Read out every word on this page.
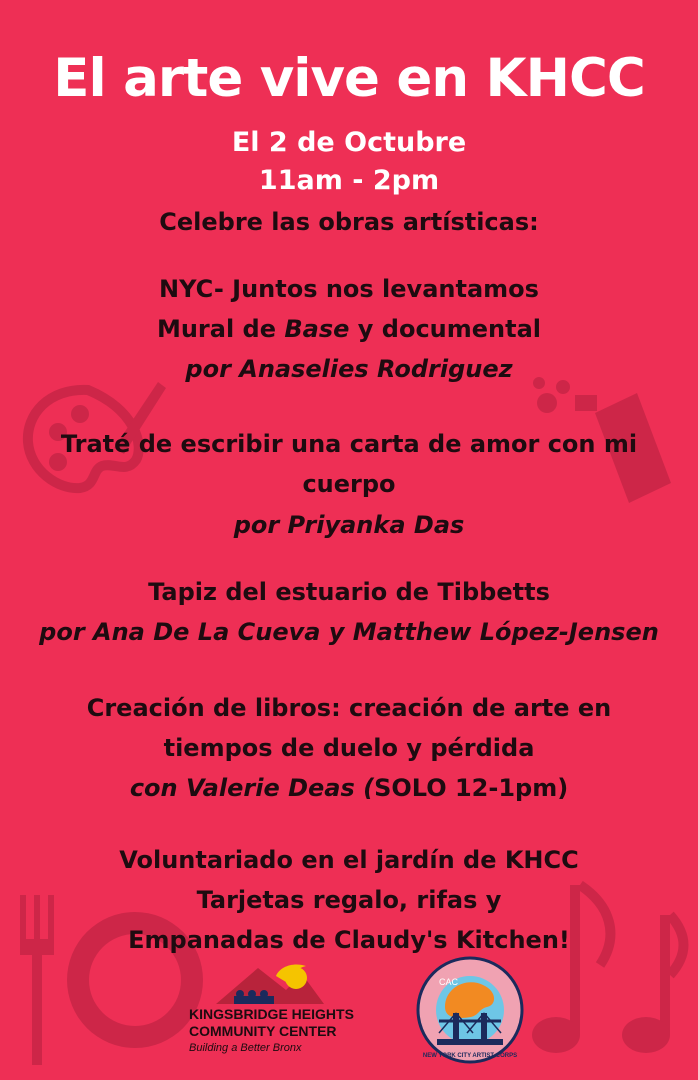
El arte vive en KHCC
El 2 de Octubre
11am - 2pm
Celebre las obras artísticas:
NYC- Juntos nos levantamos
Mural de Base y documental
por Anaselies Rodriguez
Traté de escribir una carta de amor con mi
cuerpo
por Priyanka Das
Tapiz del estuario de Tibbetts
por Ana De La Cueva y Matthew López-Jensen
Creación de libros: creación de arte en
tiempos de duelo y pérdida
con Valerie Deas (SOLO 12-1pm)
Voluntariado en el jardín de KHCC
Tarjetas regalo, rifas y
Empanadas de Claudy's Kitchen!
KINGSBRIDGE HEIGHTS
COMMUNITY CENTER
Building a Better Bronx
CAC
NEW YORK CITY ARTIST CORPS
